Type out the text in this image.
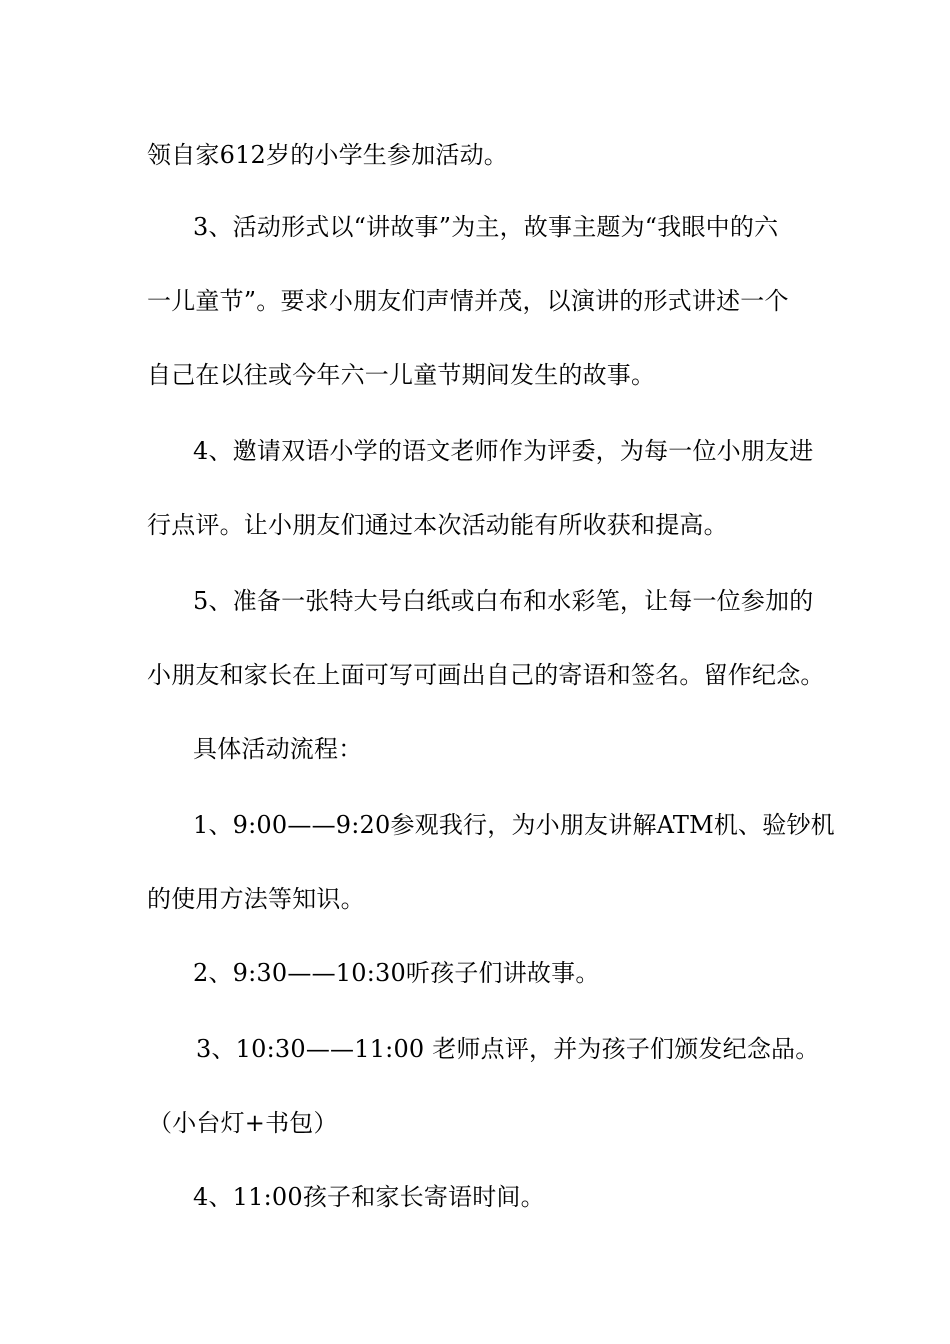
领自家612岁的小学生参加活动。
3、活动形式以“讲故事”为主，故事主题为“我眼中的六
一儿童节”。要求小朋友们声情并茂，以演讲的形式讲述一个
自己在以往或今年六一儿童节期间发生的故事。
4、邀请双语小学的语文老师作为评委，为每一位小朋友进
行点评。让小朋友们通过本次活动能有所收获和提高。
5、准备一张特大号白纸或白布和水彩笔，让每一位参加的
小朋友和家长在上面可写可画出自己的寄语和签名。留作纪念。
具体活动流程：
1、9:00——9:20参观我行，为小朋友讲解ATM机、验钞机
的使用方法等知识。
2、9:30——10:30听孩子们讲故事。
3、10:30——11:00 老师点评，并为孩子们颁发纪念品。
（小台灯+书包）
4、11:00孩子和家长寄语时间。
